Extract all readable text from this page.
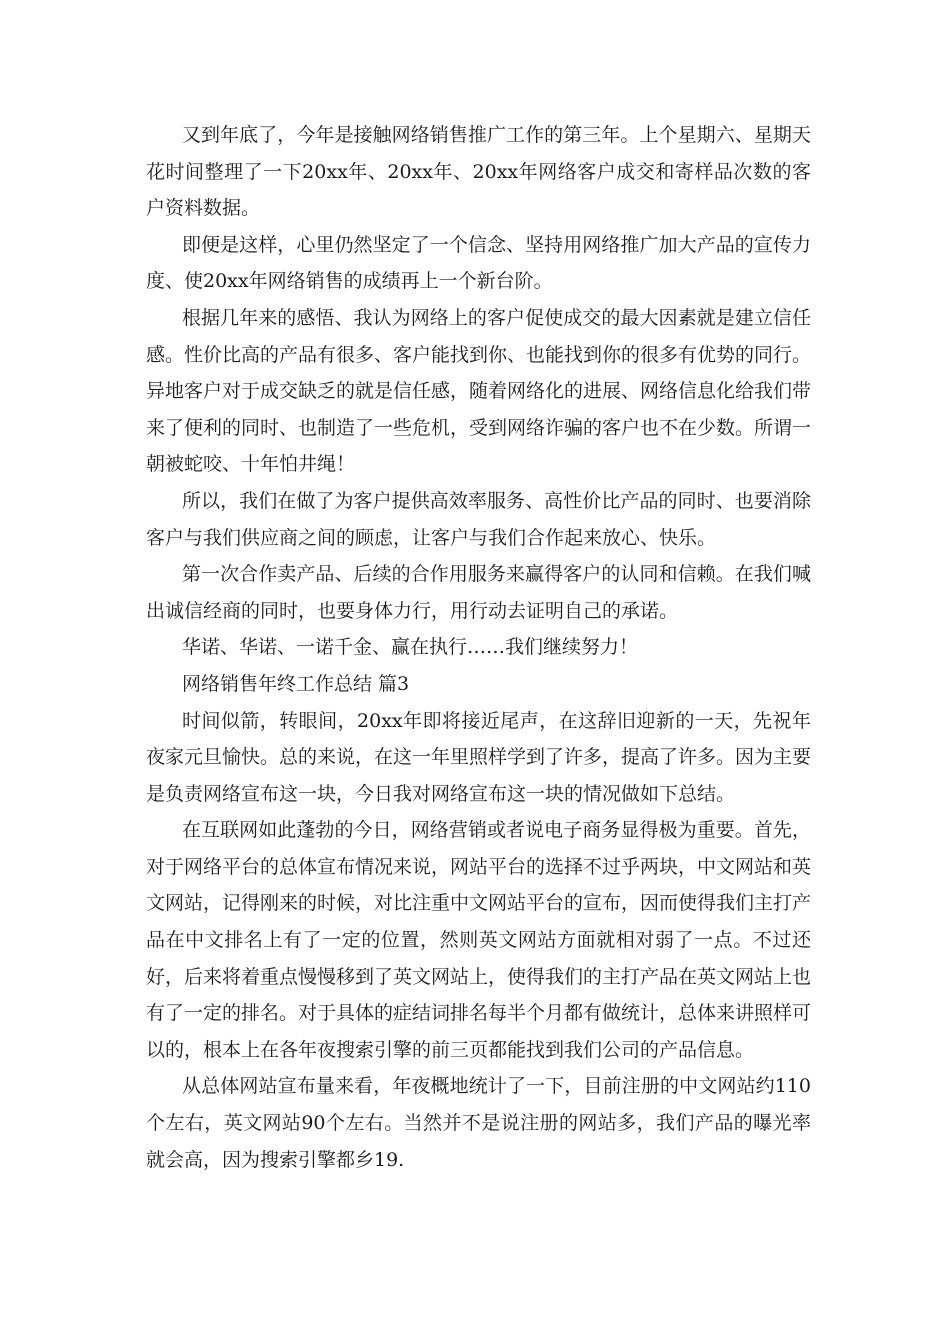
又到年底了，今年是接触网络销售推广工作的第三年。上个星期六、星期天花时间整理了一下20xx年、20xx年、20xx年网络客户成交和寄样品次数的客户资料数据。

即便是这样，心里仍然坚定了一个信念、坚持用网络推广加大产品的宣传力度、使20xx年网络销售的成绩再上一个新台阶。

根据几年来的感悟、我认为网络上的客户促使成交的最大因素就是建立信任感。性价比高的产品有很多、客户能找到你、也能找到你的很多有优势的同行。异地客户对于成交缺乏的就是信任感，随着网络化的进展、网络信息化给我们带来了便利的同时、也制造了一些危机，受到网络诈骗的客户也不在少数。所谓一朝被蛇咬、十年怕井绳！

所以，我们在做了为客户提供高效率服务、高性价比产品的同时、也要消除客户与我们供应商之间的顾虑，让客户与我们合作起来放心、快乐。

第一次合作卖产品、后续的合作用服务来赢得客户的认同和信赖。在我们喊出诚信经商的同时，也要身体力行，用行动去证明自己的承诺。

华诺、华诺、一诺千金、赢在执行……我们继续努力！

网络销售年终工作总结 篇3

时间似箭，转眼间，20xx年即将接近尾声，在这辞旧迎新的一天，先祝年夜家元旦愉快。总的来说，在这一年里照样学到了许多，提高了许多。因为主要是负责网络宣布这一块，今日我对网络宣布这一块的情况做如下总结。

在互联网如此蓬勃的今日，网络营销或者说电子商务显得极为重要。首先，对于网络平台的总体宣布情况来说，网站平台的选择不过乎两块，中文网站和英文网站，记得刚来的时候，对比注重中文网站平台的宣布，因而使得我们主打产品在中文排名上有了一定的位置，然则英文网站方面就相对弱了一点。不过还好，后来将着重点慢慢移到了英文网站上，使得我们的主打产品在英文网站上也有了一定的排名。对于具体的症结词排名每半个月都有做统计，总体来讲照样可以的，根本上在各年夜搜索引擎的前三页都能找到我们公司的产品信息。

从总体网站宣布量来看，年夜概地统计了一下，目前注册的中文网站约110个左右，英文网站90个左右。当然并不是说注册的网站多，我们产品的曝光率就会高，因为搜索引擎都乡19.
